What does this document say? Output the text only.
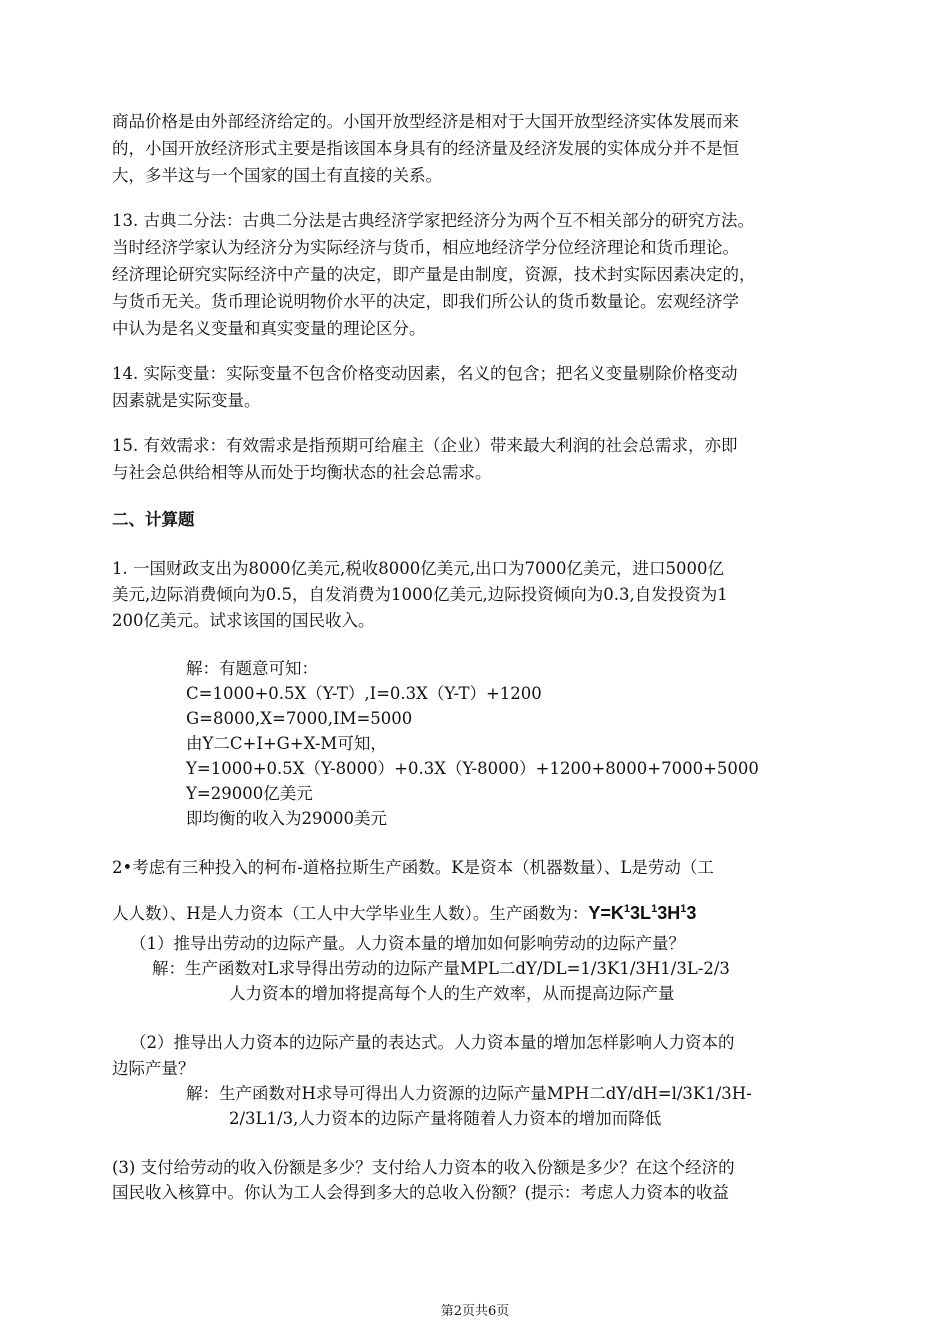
商品价格是由外部经济给定的。小国开放型经济是相对于大国开放型经济实体发展而来
的，小国开放经济形式主要是指该国本身具有的经济量及经济发展的实体成分并不是恒
大，多半这与一个国家的国土有直接的关系。
13. 古典二分法：古典二分法是古典经济学家把经济分为两个互不相关部分的研究方法。
当时经济学家认为经济分为实际经济与货币，相应地经济学分位经济理论和货币理论。
经济理论研究实际经济中产量的决定，即产量是由制度，资源，技术封实际因素决定的，
与货币无关。货币理论说明物价水平的决定，即我们所公认的货币数量论。宏观经济学
中认为是名义变量和真实变量的理论区分。
14. 实际变量：实际变量不包含价格变动因素，名义的包含；把名义变量剔除价格变动
因素就是实际变量。
15. 有效需求：有效需求是指预期可给雇主（企业）带来最大利润的社会总需求，亦即
与社会总供给相等从而处于均衡状态的社会总需求。
二、计算题
1. 一国财政支出为8000亿美元,税收8000亿美元,出口为7000亿美元，进口5000亿
美元,边际消费倾向为0.5，自发消费为1000亿美元,边际投资倾向为0.3,自发投资为1
200亿美元。试求该国的国民收入。
解：有题意可知：
C=1000+0.5X（Y-T）,I=0.3X（Y-T）+1200
G=8000,X=7000,IM=5000
由Y二C+I+G+X-M可知，
Y=1000+0.5X（Y-8000）+0.3X（Y-8000）+1200+8000+7000+5000
Y=29000亿美元
即均衡的收入为29000美元
2•考虑有三种投入的柯布-道格拉斯生产函数。K是资本（机器数量）、L是劳动（工
人人数）、H是人力资本（工人中大学毕业生人数）。生产函数为：$Y=K^13L^13H^13$
（1）推导出劳动的边际产量。人力资本量的增加如何影响劳动的边际产量？
解：生产函数对L求导得出劳动的边际产量MPL二dY/DL=1/3K1/3H1/3L-2/3
人力资本的增加将提高每个人的生产效率，从而提高边际产量
（2）推导出人力资本的边际产量的表达式。人力资本量的增加怎样影响人力资本的
边际产量？
解：生产函数对H求导可得出人力资源的边际产量MPH二dY/dH=l/3K1/3H-
2/3L1/3,人力资本的边际产量将随着人力资本的增加而降低
(3) 支付给劳动的收入份额是多少？支付给人力资本的收入份额是多少？在这个经济的
国民收入核算中。你认为工人会得到多大的总收入份额？(提示：考虑人力资本的收益
第2页共6页
